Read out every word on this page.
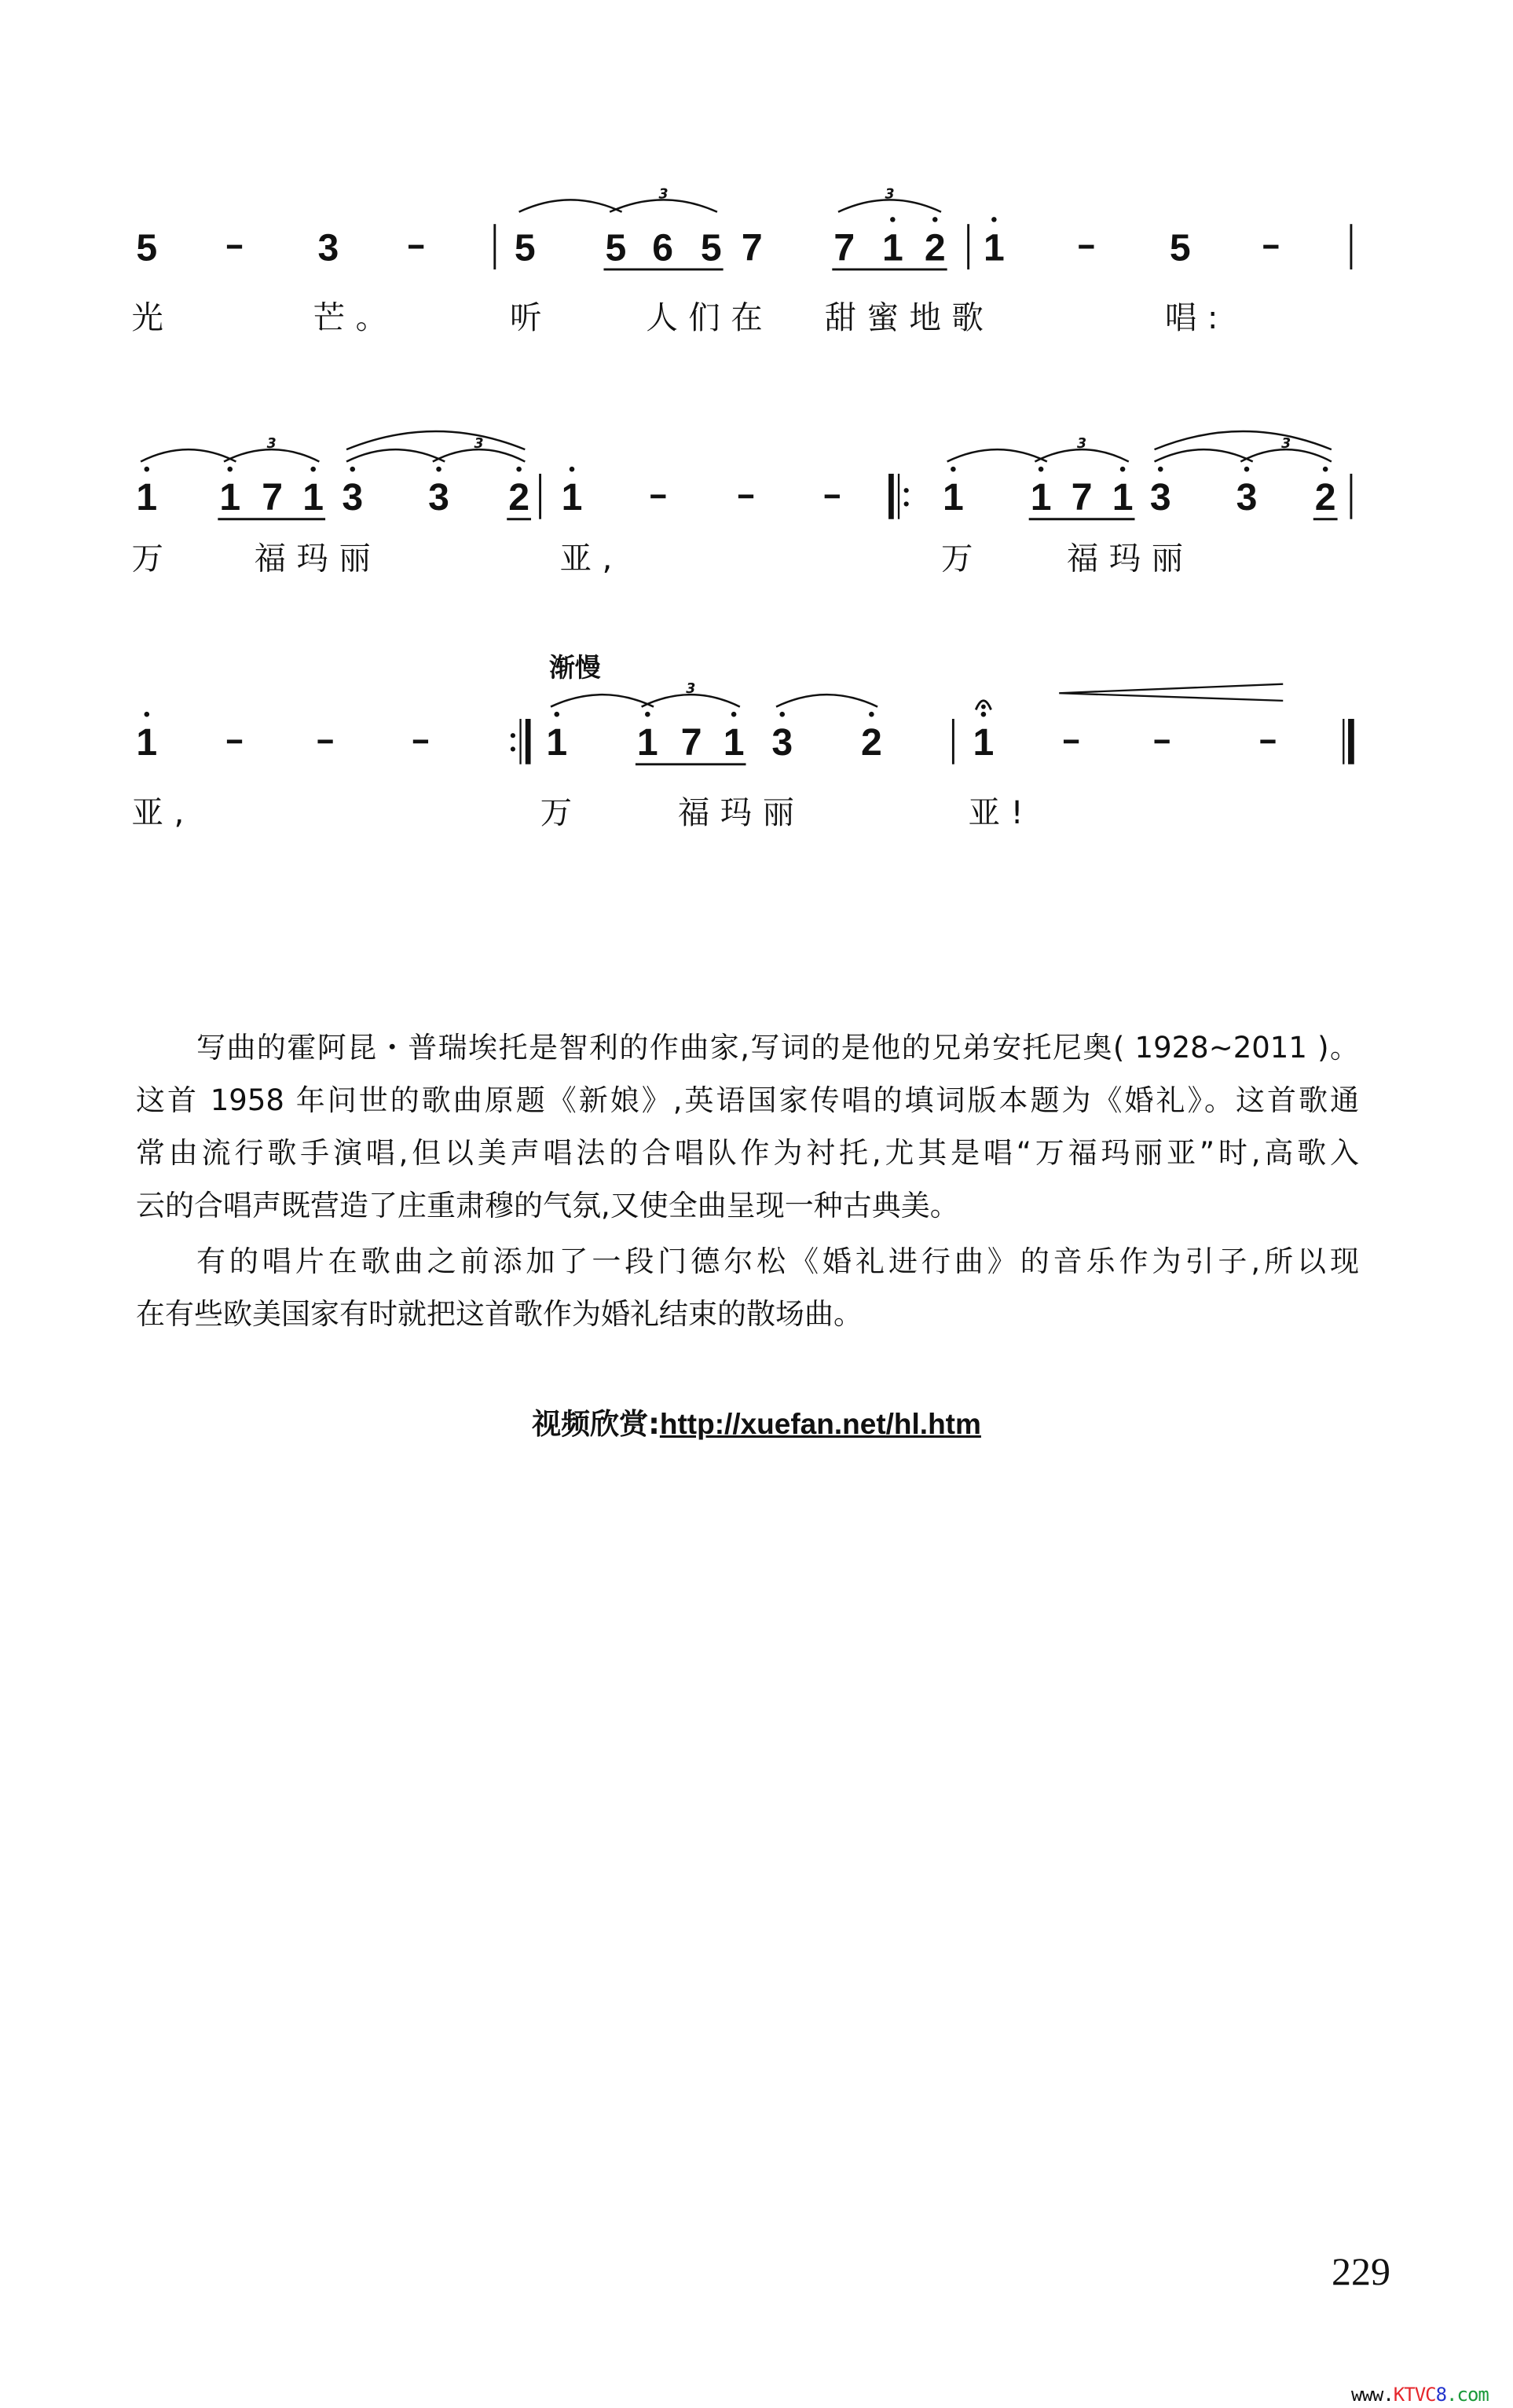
5	3	5	5 6 5 7	7 1 2 1	5
3	3
光	芒。	听	人们在	甜蜜地歌	唱:
1	1 7 1 3	3	2 1	1	1 7 1 3	3	2
3	3	3	3
万	福玛丽	亚,	万	福玛丽
1	1	1 7 1 3	2	1
3
渐慢
亚,	万	福玛丽	亚!
写曲的霍阿昆・普瑞埃托是智利的作曲家,写词的是他的兄弟安托尼奥( 1928~2011 )。
这首 1958 年问世的歌曲原题《新娘》,英语国家传唱的填词版本题为《婚礼》。这首歌通
常由流行歌手演唱,但以美声唱法的合唱队作为衬托,尤其是唱“万福玛丽亚”时,高歌入
云的合唱声既营造了庄重肃穆的气氛,又使全曲呈现一种古典美。
有的唱片在歌曲之前添加了一段门德尔松《婚礼进行曲》的音乐作为引子,所以现
在有些欧美国家有时就把这首歌作为婚礼结束的散场曲。
视频欣赏:http://xuefan.net/hl.htm
229
www.KTVC8.com
